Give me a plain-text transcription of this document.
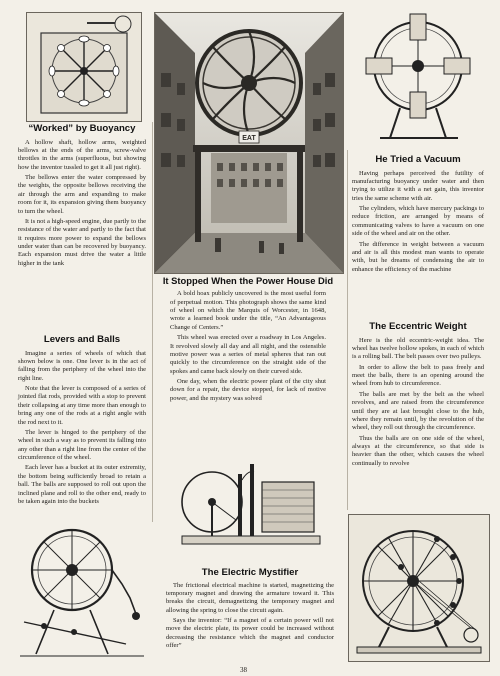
“Worked” by Buoyancy

A hollow shaft, hollow arms, weighted bellows at the ends of the arms, screw-valve throttles in the arms (superfluous, but showing how the inventor tussled to get it all just right).

The bellows enter the water compressed by the weights, the opposite bellows receiving the air through the arm and expanding to make room for it, its expansion giving them buoyancy to turn the wheel.

It is not a high-speed engine, due partly to the resistance of the water and partly to the fact that it requires more power to expand the bellows under water than can be recovered by buoyancy. Each expansion must drive the water a little higher in the tank

Levers and Balls

Imagine a series of wheels of which that shown below is one. One lever is in the act of falling from the periphery of the wheel into the right line.

Note that the lever is composed of a series of jointed flat rods, provided with a stop to prevent their collapsing at any time more than enough to bring any one of the rods at a right angle with the rod next to it.

The lever is hinged to the periphery of the wheel in such a way as to prevent its falling into any other than a right line from the center of the circumference of the wheel.

Each lever has a bucket at its outer extremity, the bottom being sufficiently broad to retain a ball. The balls are supposed to roll out upon the inclined plane and roll to the other end, ready to be taken again into the buckets

EAT
It Stopped When the Power House Did

A bold hoax publicly uncovered is the most useful form of perpetual motion. This photograph shows the same kind of wheel on which the Marquis of Worcester, in 1648, wrote a learned book under the title, “An Advantageous Change of Centers.”

This wheel was erected over a roadway in Los Angeles. It revolved slowly all day and all night, and the ostensible motive power was a series of metal spheres that ran out quickly to the circumference on the straight side of the spokes and came back slowly on their curved side.

One day, when the electric power plant of the city shut down for a repair, the device stopped, for lack of motive power, and the mystery was solved

The Electric Mystifier

The frictional electrical machine is started, magnetizing the temporary magnet and drawing the armature toward it. This breaks the circuit, demagnetizing the temporary magnet and allowing the spring to close the circuit again.

Says the inventor: “If a magnet of a certain power will not move the electric plate, its power could be increased without decreasing the resistance which the magnet and conductor offer”

He Tried a Vacuum

Having perhaps perceived the futility of manufacturing buoyancy under water and then trying to utilize it with a net gain, this inventor tries the same scheme with air.

The cylinders, which have mercury packings to reduce friction, are arranged by means of communicating valves to have a vacuum on one side of the wheel and air on the other.

The difference in weight between a vacuum and air is all this modest man wants to operate with, but he dreams of condensing the air to enhance the efficiency of the machine

The Eccentric Weight

Here is the old eccentric-weight idea. The wheel has twelve hollow spokes, in each of which is a rolling ball. The belt passes over two pulleys.

In order to allow the belt to pass freely and meet the balls, there is an opening around the wheel from hub to circumference.

The balls are met by the belt as the wheel revolves, and are raised from the circumference until they are at last brought close to the hub, where they remain until, by the revolution of the wheel, they roll out through the circumference.

Thus the balls are on one side of the wheel, always at the circumference, so that side is heavier than the other, which causes the wheel continually to revolve

38
